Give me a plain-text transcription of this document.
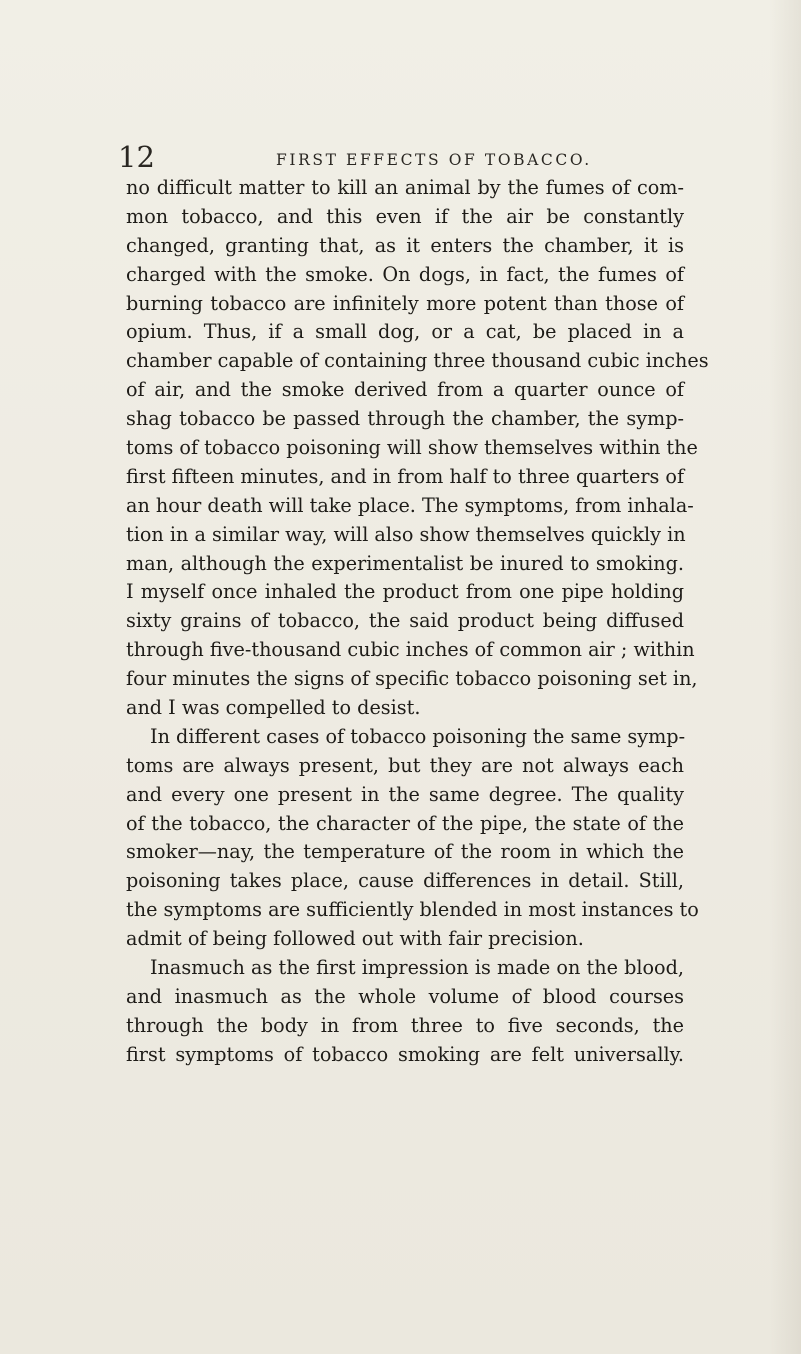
12	FIRST EFFECTS OF TOBACCO.
no difficult matter to kill an animal by the fumes of com-
mon tobacco, and this even if the air be constantly
changed, granting that, as it enters the chamber, it is
charged with the smoke. On dogs, in fact, the fumes of
burning tobacco are infinitely more potent than those of
opium. Thus, if a small dog, or a cat, be placed in a
chamber capable of containing three thousand cubic inches
of air, and the smoke derived from a quarter ounce of
shag tobacco be passed through the chamber, the symp-
toms of tobacco poisoning will show themselves within the
first fifteen minutes, and in from half to three quarters of
an hour death will take place. The symptoms, from inhala-
tion in a similar way, will also show themselves quickly in
man, although the experimentalist be inured to smoking.
I myself once inhaled the product from one pipe holding
sixty grains of tobacco, the said product being diffused
through five-thousand cubic inches of common air ; within
four minutes the signs of specific tobacco poisoning set in,
and I was compelled to desist.
In different cases of tobacco poisoning the same symp-
toms are always present, but they are not always each
and every one present in the same degree. The quality
of the tobacco, the character of the pipe, the state of the
smoker—nay, the temperature of the room in which the
poisoning takes place, cause differences in detail. Still,
the symptoms are sufficiently blended in most instances to
admit of being followed out with fair precision.
Inasmuch as the first impression is made on the blood,
and inasmuch as the whole volume of blood courses
through the body in from three to five seconds, the
first symptoms of tobacco smoking are felt universally.
